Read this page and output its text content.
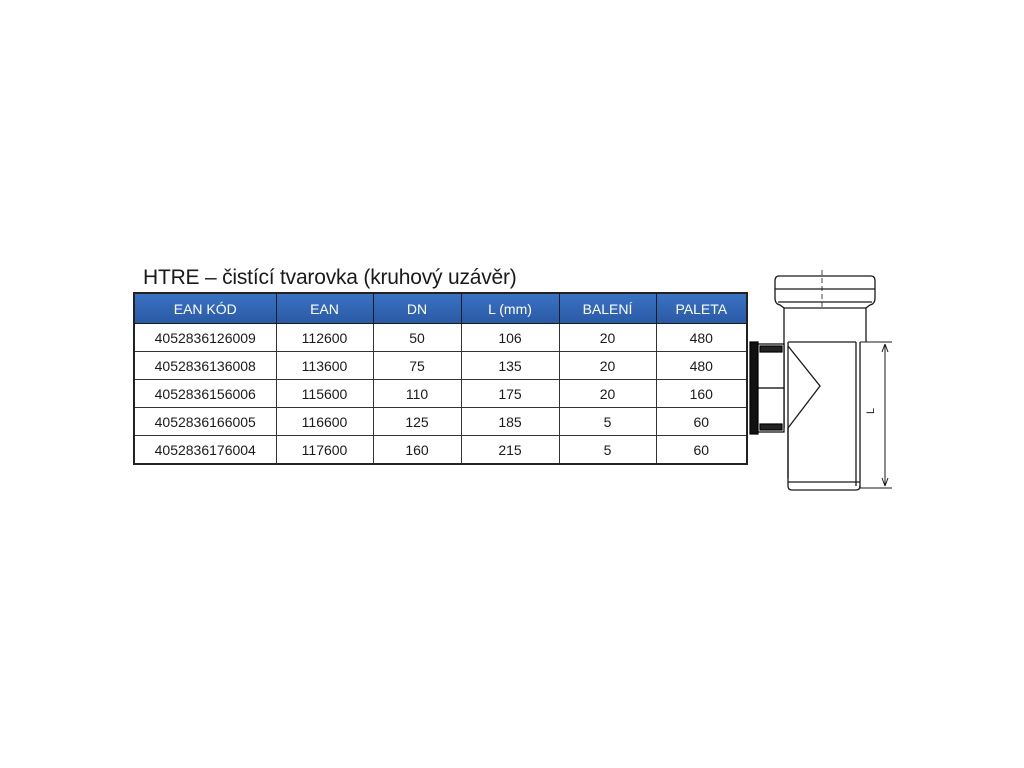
HTRE – čistící tvarovka (kruhový uzávěr)
EAN KÓD	EAN	DN	L (mm)	BALENÍ	PALETA
4052836126009	112600	50	106	20	480
4052836136008	113600	75	135	20	480
4052836156006	115600	110	175	20	160
4052836166005	116600	125	185	5	60
4052836176004	117600	160	215	5	60
L
